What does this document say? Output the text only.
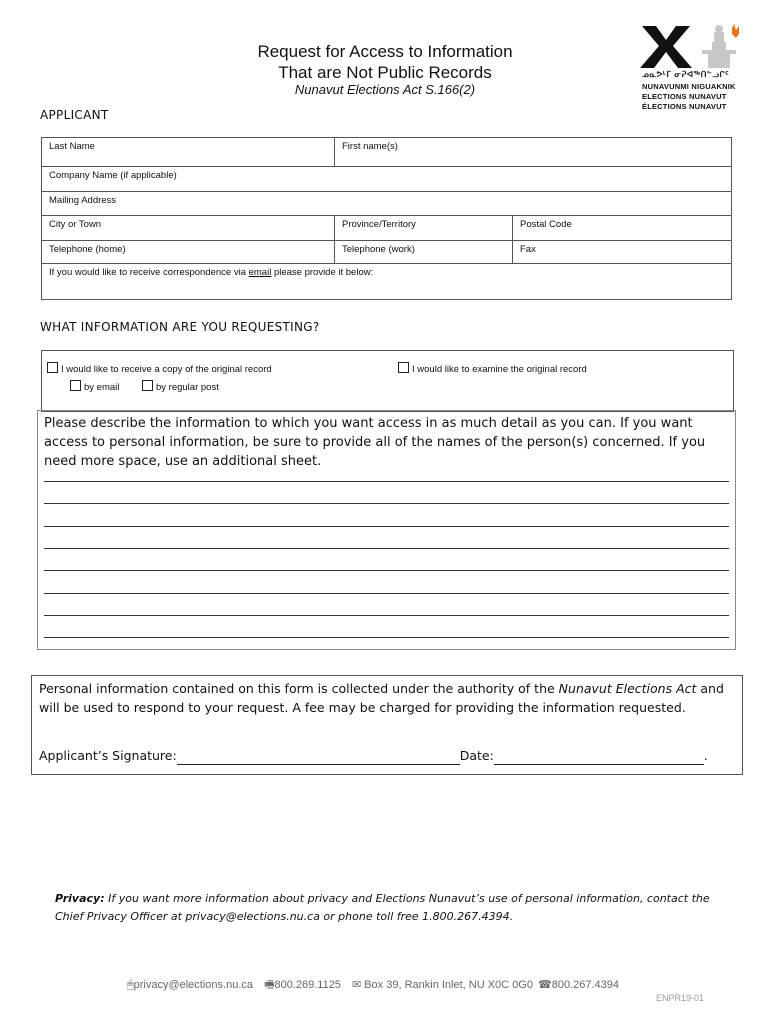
Request for Access to Information
That are Not Public Records
Nunavut Elections Act S.166(2)
ᓄᓇᕗᒻᒥ ᓂᕈᐊᖅᑎᓪᓗᒋᑦ
NUNAVUNMI NIGUAKNIK
ELECTIONS NUNAVUT
ÉLECTIONS NUNAVUT
APPLICANT
Last Name	First name(s)	
Company Name (if applicable)		
Mailing Address		
City or Town	Province/Territory	Postal Code
Telephone (home)	Telephone (work)	Fax
If you would like to receive correspondence via email please provide it below:		
WHAT INFORMATION ARE YOU REQUESTING?
I would like to receive a copy of the original record	I would like to examine the original record
by email	by regular post
Please describe the information to which you want access in as much detail as you can. If you want access to personal information, be sure to provide all of the names of the person(s) concerned. If you need more space, use an additional sheet.
Personal information contained on this form is collected under the authority of the Nunavut Elections Act and will be used to respond to your request. A fee may be charged for providing the information requested.
Applicant’s Signature:	Date:	.
Privacy: If you want more information about privacy and Elections Nunavut’s use of personal information, contact the Chief Privacy Officer at privacy@elections.nu.ca or phone toll free 1.800.267.4394.
🖱privacy@elections.nu.ca 🖷800.269.1125 ✉ Box 39, Rankin Inlet, NU X0C 0G0 ☎800.267.4394
ENPR19-01
